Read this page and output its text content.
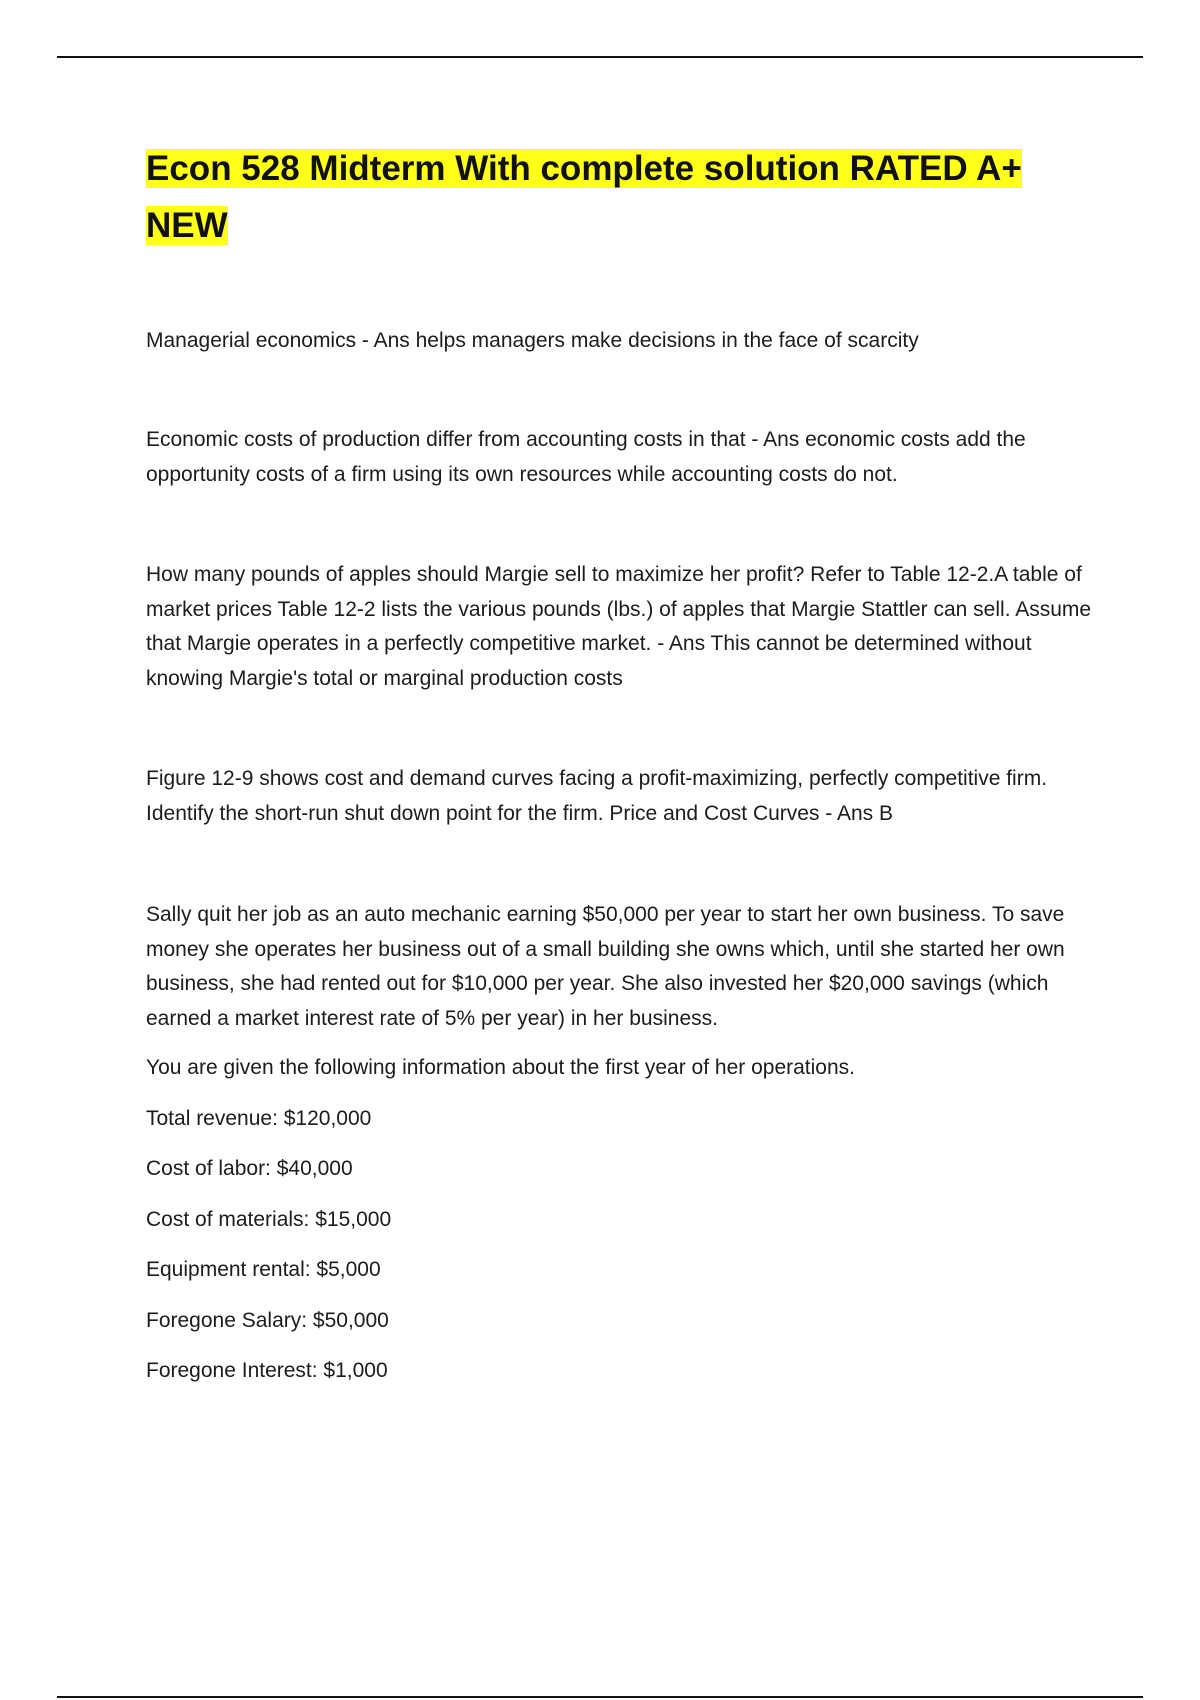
Econ 528 Midterm With complete solution RATED A+ NEW

Managerial economics - Ans helps managers make decisions in the face of scarcity

Economic costs of production differ from accounting costs in that - Ans economic costs add the opportunity costs of a firm using its own resources while accounting costs do not.

How many pounds of apples should Margie sell to maximize her profit? Refer to Table 12-2.A table of market prices Table 12-2 lists the various pounds (lbs.) of apples that Margie Stattler can sell. Assume that Margie operates in a perfectly competitive market. - Ans This cannot be determined without knowing Margie's total or marginal production costs

Figure 12-9 shows cost and demand curves facing a profit-maximizing, perfectly competitive firm. Identify the short-run shut down point for the firm. Price and Cost Curves - Ans B

Sally quit her job as an auto mechanic earning $50,000 per year to start her own business. To save money she operates her business out of a small building she owns which, until she started her own business, she had rented out for $10,000 per year. She also invested her $20,000 savings (which earned a market interest rate of 5% per year) in her business.

You are given the following information about the first year of her operations.

Total revenue: $120,000

Cost of labor: $40,000

Cost of materials: $15,000

Equipment rental: $5,000

Foregone Salary: $50,000

Foregone Interest: $1,000
